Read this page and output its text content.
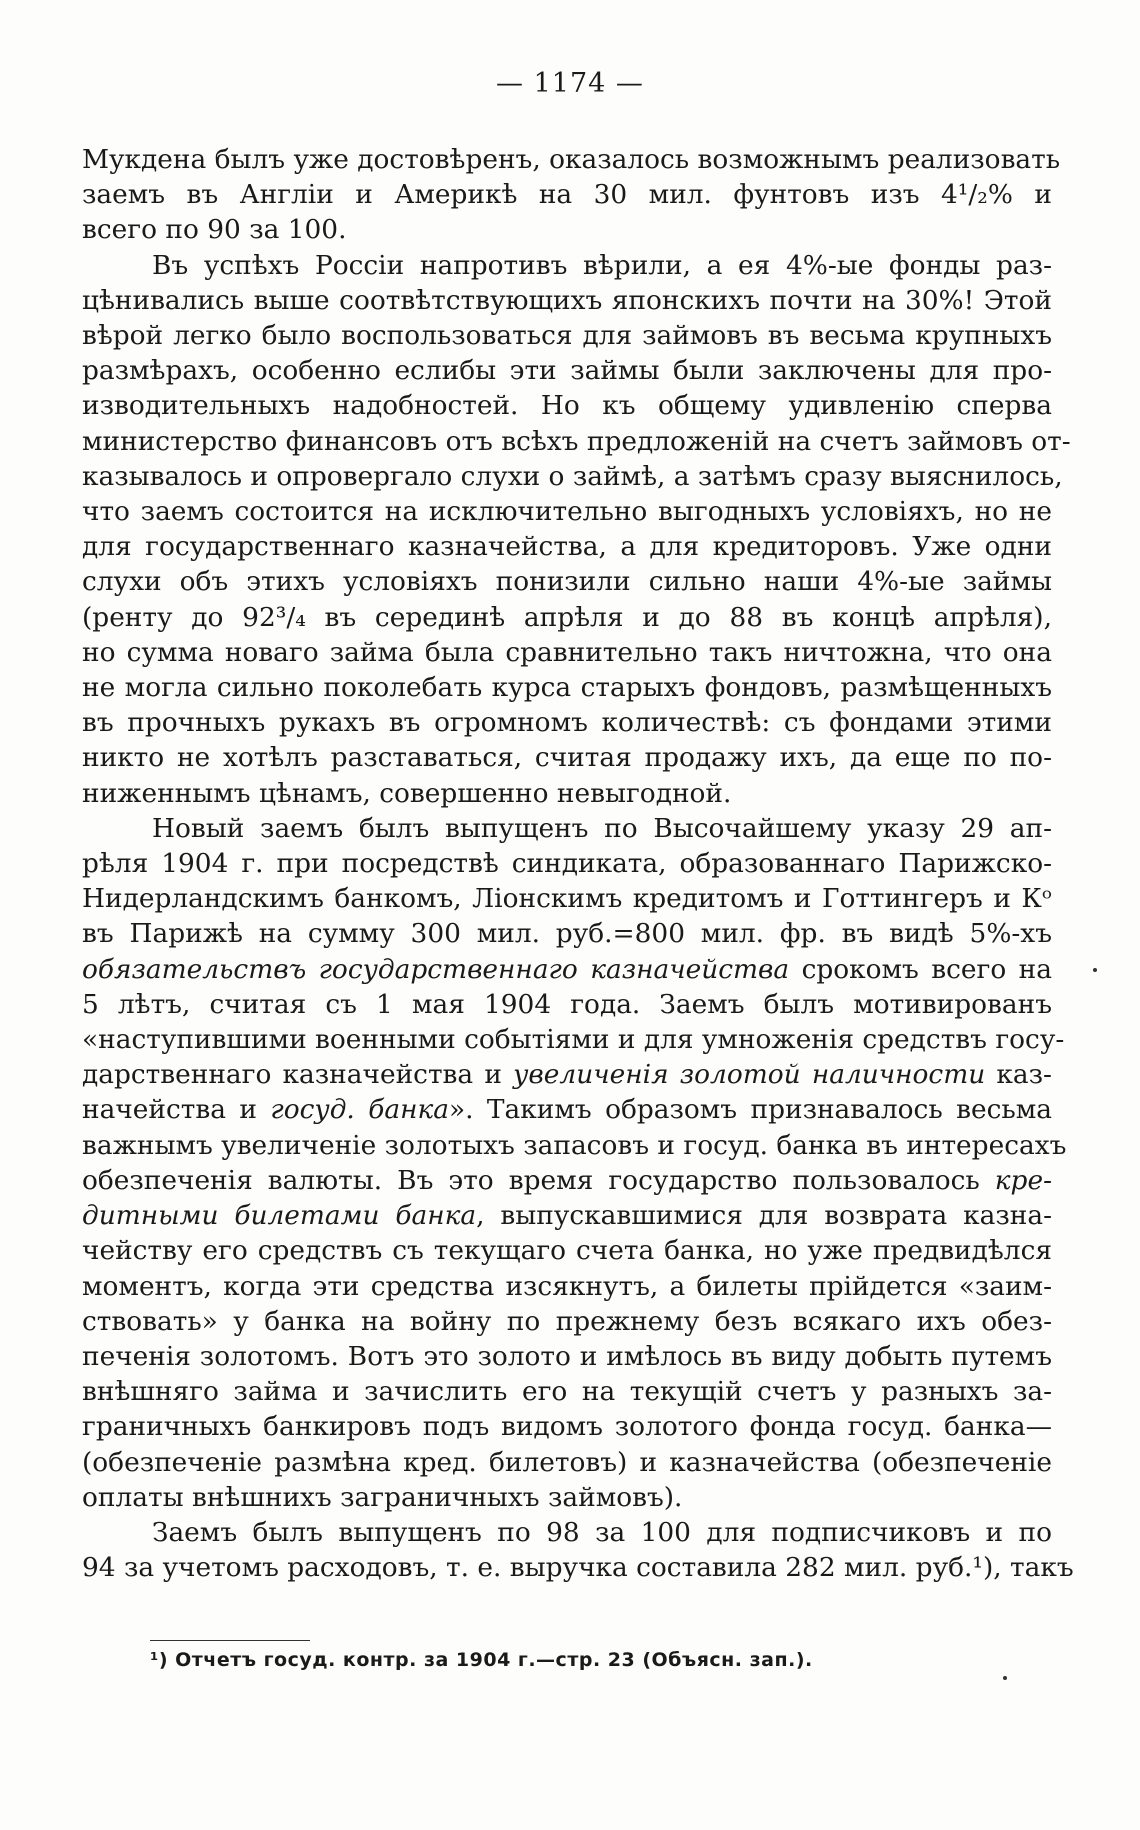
— 1174 —

Мукдена былъ уже достовѣренъ, оказалось возможнымъ реализовать
заемъ въ Англіи и Америкѣ на 30 мил. фунтовъ изъ 4¹/₂% и
всего по 90 за 100.

Въ успѣхъ Россіи напротивъ вѣрили, а ея 4%-ые фонды раз-
цѣнивались выше соотвѣтствующихъ японскихъ почти на 30%! Этой
вѣрой легко было воспользоваться для займовъ въ весьма крупныхъ
размѣрахъ, особенно еслибы эти займы были заключены для про-
изводительныхъ надобностей. Но къ общему удивленію сперва
министерство финансовъ отъ всѣхъ предложеній на счетъ займовъ от-
казывалось и опровергало слухи о займѣ, а затѣмъ сразу выяснилось,
что заемъ состоится на исключительно выгодныхъ условіяхъ, но не
для государственнаго казначейства, а для кредиторовъ. Уже одни
слухи объ этихъ условіяхъ понизили сильно наши 4%-ые займы
(ренту до 92³/₄ въ серединѣ апрѣля и до 88 въ концѣ апрѣля),
но сумма новаго займа была сравнительно такъ ничтожна, что она
не могла сильно поколебать курса старыхъ фондовъ, размѣщенныхъ
въ прочныхъ рукахъ въ огромномъ количествѣ: съ фондами этими
никто не хотѣлъ разставаться, считая продажу ихъ, да еще по по-
ниженнымъ цѣнамъ, совершенно невыгодной.

Новый заемъ былъ выпущенъ по Высочайшему указу 29 ап-
рѣля 1904 г. при посредствѣ синдиката, образованнаго Парижско-
Нидерландскимъ банкомъ, Ліонскимъ кредитомъ и Готтингеръ и Кᵒ
въ Парижѣ на сумму 300 мил. руб.=800 мил. фр. въ видѣ 5%-хъ
обязательствъ государственнаго казначейства срокомъ всего на
5 лѣтъ, считая съ 1 мая 1904 года. Заемъ былъ мотивированъ
«наступившими военными событіями и для умноженія средствъ госу-
дарственнаго казначейства и увеличенія золотой наличности каз-
начейства и госуд. банка». Такимъ образомъ признавалось весьма
важнымъ увеличеніе золотыхъ запасовъ и госуд. банка въ интересахъ
обезпеченія валюты. Въ это время государство пользовалось кре-
дитными билетами банка, выпускавшимися для возврата казна-
чейству его средствъ съ текущаго счета банка, но уже предвидѣлся
моментъ, когда эти средства изсякнутъ, а билеты прійдется «заим-
ствовать» у банка на войну по прежнему безъ всякаго ихъ обез-
печенія золотомъ. Вотъ это золото и имѣлось въ виду добыть путемъ
внѣшняго займа и зачислить его на текущій счетъ у разныхъ за-
граничныхъ банкировъ подъ видомъ золотого фонда госуд. банка—
(обезпеченіе размѣна кред. билетовъ) и казначейства (обезпеченіе
оплаты внѣшнихъ заграничныхъ займовъ).

Заемъ былъ выпущенъ по 98 за 100 для подписчиковъ и по
94 за учетомъ расходовъ, т. е. выручка составила 282 мил. руб.¹), такъ

¹) Отчетъ госуд. контр. за 1904 г.—стр. 23 (Объясн. зап.).
